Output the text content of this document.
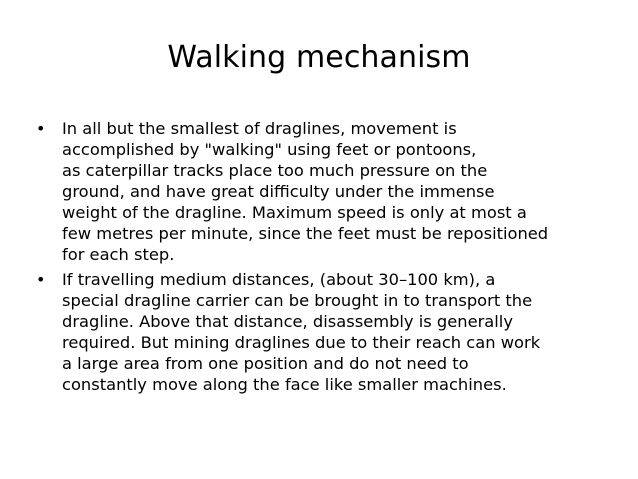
Walking mechanism
• In all but the smallest of draglines, movement is
accomplished by "walking" using feet or pontoons,
as caterpillar tracks place too much pressure on the
ground, and have great difficulty under the immense
weight of the dragline. Maximum speed is only at most a
few metres per minute, since the feet must be repositioned
for each step.
• If travelling medium distances, (about 30–100 km), a
special dragline carrier can be brought in to transport the
dragline. Above that distance, disassembly is generally
required. But mining draglines due to their reach can work
a large area from one position and do not need to
constantly move along the face like smaller machines.
